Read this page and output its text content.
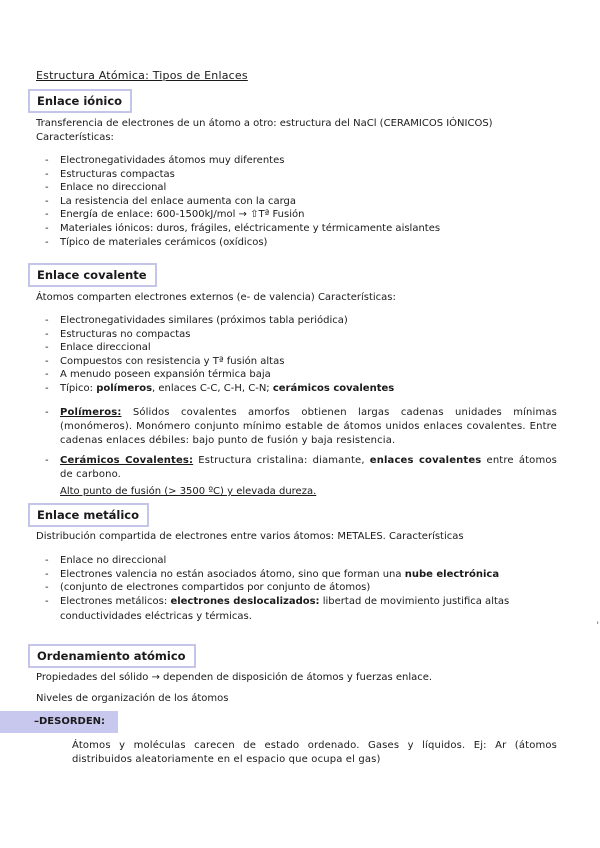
Estructura Atómica: Tipos de Enlaces
Enlace iónico
Transferencia de electrones de un átomo a otro: estructura del NaCl (CERAMICOS IÓNICOS)
Características:
- Electronegatividades átomos muy diferentes
- Estructuras compactas
- Enlace no direccional
- La resistencia del enlace aumenta con la carga
- Energía de enlace: 600-1500kJ/mol → ⇧Tª Fusión
- Materiales iónicos: duros, frágiles, eléctricamente y térmicamente aislantes
- Típico de materiales cerámicos (oxídicos)
Enlace covalente
Átomos comparten electrones externos (e- de valencia) Características:
- Electronegatividades similares (próximos tabla periódica)
- Estructuras no compactas
- Enlace direccional
- Compuestos con resistencia y Tª fusión altas
- A menudo poseen expansión térmica baja
- Típico: polímeros, enlaces C-C, C-H, C-N; cerámicos covalentes
- Polímeros: Sólidos covalentes amorfos obtienen largas cadenas unidades mínimas (monómeros). Monómero conjunto mínimo estable de átomos unidos enlaces covalentes. Entre cadenas enlaces débiles: bajo punto de fusión y baja resistencia.
- Cerámicos Covalentes: Estructura cristalina: diamante, enlaces covalentes entre átomos de carbono.
Alto punto de fusión (> 3500 ºC) y elevada dureza.
Enlace metálico
Distribución compartida de electrones entre varios átomos: METALES. Características
- Enlace no direccional
- Electrones valencia no están asociados átomo, sino que forman una nube electrónica
- (conjunto de electrones compartidos por conjunto de átomos)
- Electrones metálicos: electrones deslocalizados: libertad de movimiento justifica altas
conductividades eléctricas y térmicas.
'
Ordenamiento atómico
Propiedades del sólido → dependen de disposición de átomos y fuerzas enlace.
Niveles de organización de los átomos
–DESORDEN:
Átomos y moléculas carecen de estado ordenado. Gases y líquidos. Ej: Ar (átomos distribuidos aleatoriamente en el espacio que ocupa el gas)
